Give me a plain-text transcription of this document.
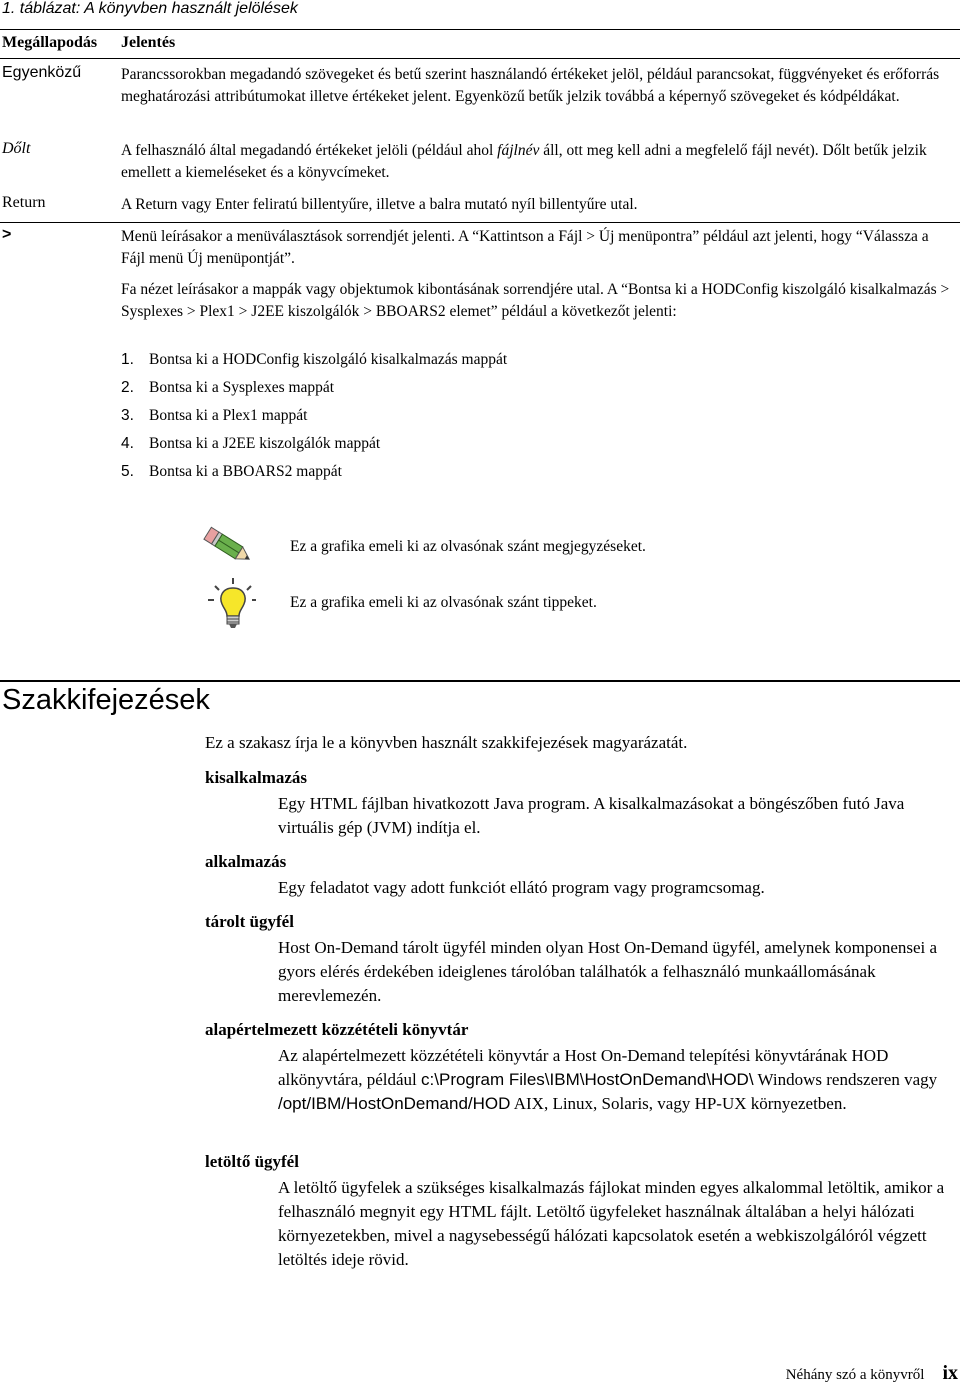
1. táblázat: A könyvben használt jelölések
Megállapodás Jelentés
Egyenközű	Parancssorokban megadandó szövegeket és betű szerint használandó értékeket jelöl, például parancsokat, függvényeket és erőforrás meghatározási attribútumokat illetve értékeket jelent. Egyenközű betűk jelzik továbbá a képernyő szövegeket és kódpéldákat.
Dőlt	A felhasználó által megadandó értékeket jelöli (például ahol fájlnév áll, ott meg kell adni a megfelelő fájl nevét). Dőlt betűk jelzik emellett a kiemeléseket és a könyvcímeket.
Return	A Return vagy Enter feliratú billentyűre, illetve a balra mutató nyíl billentyűre utal.
>	Menü leírásakor a menüválasztások sorrendjét jelenti. A “Kattintson a Fájl > Új menüpontra” például azt jelenti, hogy “Válassza a Fájl menü Új menüpontját”.
Fa nézet leírásakor a mappák vagy objektumok kibontásának sorrendjére utal. A “Bontsa ki a HODConfig kiszolgáló kisalkalmazás > Sysplexes > Plex1 > J2EE kiszolgálók > BBOARS2 elemet” például a következőt jelenti:
1. Bontsa ki a HODConfig kiszolgáló kisalkalmazás mappát
2. Bontsa ki a Sysplexes mappát
3. Bontsa ki a Plex1 mappát
4. Bontsa ki a J2EE kiszolgálók mappát
5. Bontsa ki a BBOARS2 mappát
Ez a grafika emeli ki az olvasónak szánt megjegyzéseket.
Ez a grafika emeli ki az olvasónak szánt tippeket.
Szakkifejezések
Ez a szakasz írja le a könyvben használt szakkifejezések magyarázatát.
kisalkalmazás
Egy HTML fájlban hivatkozott Java program. A kisalkalmazásokat a böngészőben futó Java virtuális gép (JVM) indítja el.
alkalmazás
Egy feladatot vagy adott funkciót ellátó program vagy programcsomag.
tárolt ügyfél
Host On-Demand tárolt ügyfél minden olyan Host On-Demand ügyfél, amelynek komponensei a gyors elérés érdekében ideiglenes tárolóban találhatók a felhasználó munkaállomásának merevlemezén.
alapértelmezett közzétételi könyvtár
Az alapértelmezett közzétételi könyvtár a Host On-Demand telepítési könyvtárának HOD alkönyvtára, például c:\Program Files\IBM\HostOnDemand\HOD\ Windows rendszeren vagy /opt/IBM/HostOnDemand/HOD AIX, Linux, Solaris, vagy HP-UX környezetben.
letöltő ügyfél
A letöltő ügyfelek a szükséges kisalkalmazás fájlokat minden egyes alkalommal letöltik, amikor a felhasználó megnyit egy HTML fájlt. Letöltő ügyfeleket használnak általában a helyi hálózati környezetekben, mivel a nagysebességű hálózati kapcsolatok esetén a webkiszolgálóról végzett letöltés ideje rövid.
Néhány szó a könyvről ix
